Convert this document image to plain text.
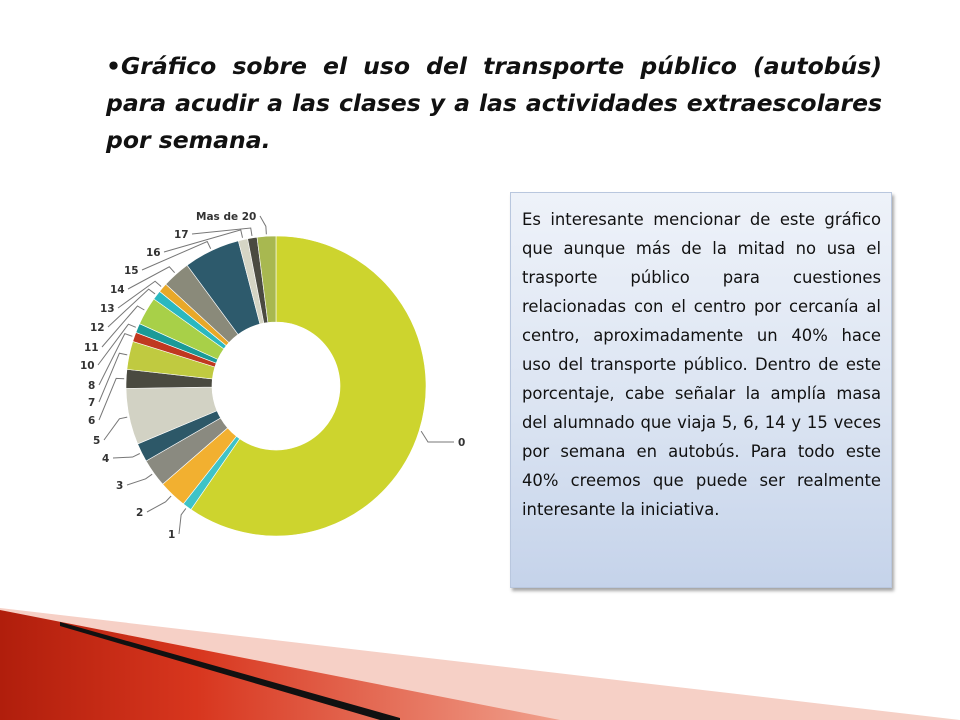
•Gráfico sobre el uso del transporte público (autobús) para acudir a las clases y a las actividades extraescolares por semana.
0
1
2
3
4
5
6
7
8
10
11
12
13
14
15
16
17
Mas de 20	Es interesante mencionar de este gráfico que aunque más de la mitad no usa el trasporte público para cuestiones relacionadas con el centro por cercanía al centro, aproximadamente un 40% hace uso del transporte público. Dentro de este porcentaje, cabe señalar la amplía masa del alumnado que viaja 5, 6, 14 y 15 veces por semana en autobús. Para todo este 40% creemos que puede ser realmente interesante la iniciativa.
